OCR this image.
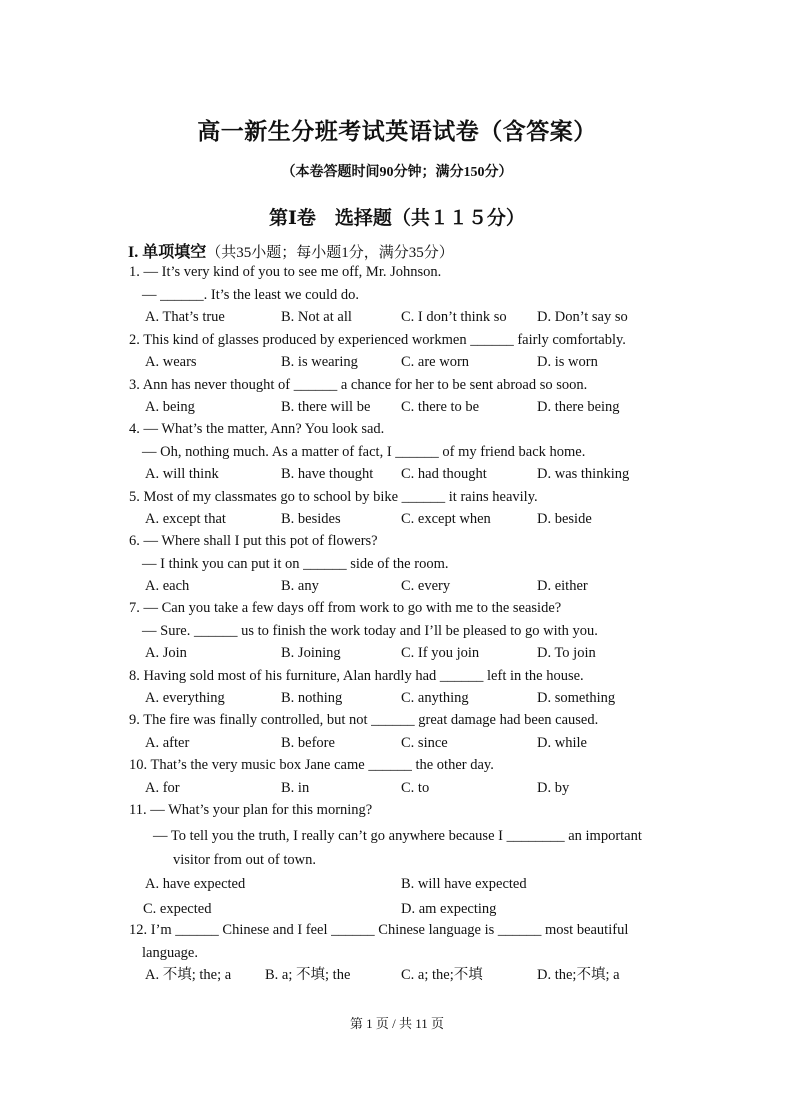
高一新生分班考试英语试卷（含答案）
（本卷答题时间90分钟；满分150分）
第Ⅰ卷　选择题（共１１５分）
I. 单项填空（共35小题；每小题1分，满分35分）
1. — It’s very kind of you to see me off, Mr. Johnson.
— ______. It’s the least we could do.
A. That’s true	B. Not at all	C. I don’t think so D. Don’t say so
2. This kind of glasses produced by experienced workmen ______ fairly comfortably.
A. wears	B. is wearing	C. are worn	D. is worn
3. Ann has never thought of ______ a chance for her to be sent abroad so soon.
A. being	B. there will be C. there to be	D. there being
4. — What’s the matter, Ann? You look sad.
— Oh, nothing much. As a matter of fact, I ______ of my friend back home.
A. will think	B. have thought C. had thought	D. was thinking
5. Most of my classmates go to school by bike ______ it rains heavily.
A. except that	B. besides	C. except when	D. beside
6. — Where shall I put this pot of flowers?
— I think you can put it on ______ side of the room.
A. each	B. any	C. every	D. either
7. — Can you take a few days off from work to go with me to the seaside?
— Sure. ______ us to finish the work today and I’ll be pleased to go with you.
A. Join	B. Joining	C. If you join	D. To join
8. Having sold most of his furniture, Alan hardly had ______ left in the house.
A. everything	B. nothing	C. anything	D. something
9. The fire was finally controlled, but not ______ great damage had been caused.
A. after	B. before	C. since	D. while
10. That’s the very music box Jane came ______ the other day.
A. for	B. in	C. to	D. by
11. — What’s your plan for this morning?
— To tell you the truth, I really can’t go anywhere because I ________ an important
visitor from out of town.
A. have expected	B. will have expected
C. expected	D. am expecting
12. I’m ______ Chinese and I feel ______ Chinese language is ______ most beautiful
language.
A. 不填; the; a B. a; 不填; the	C. a; the;不填	D. the;不填; a
第 1 页 / 共 11 页
